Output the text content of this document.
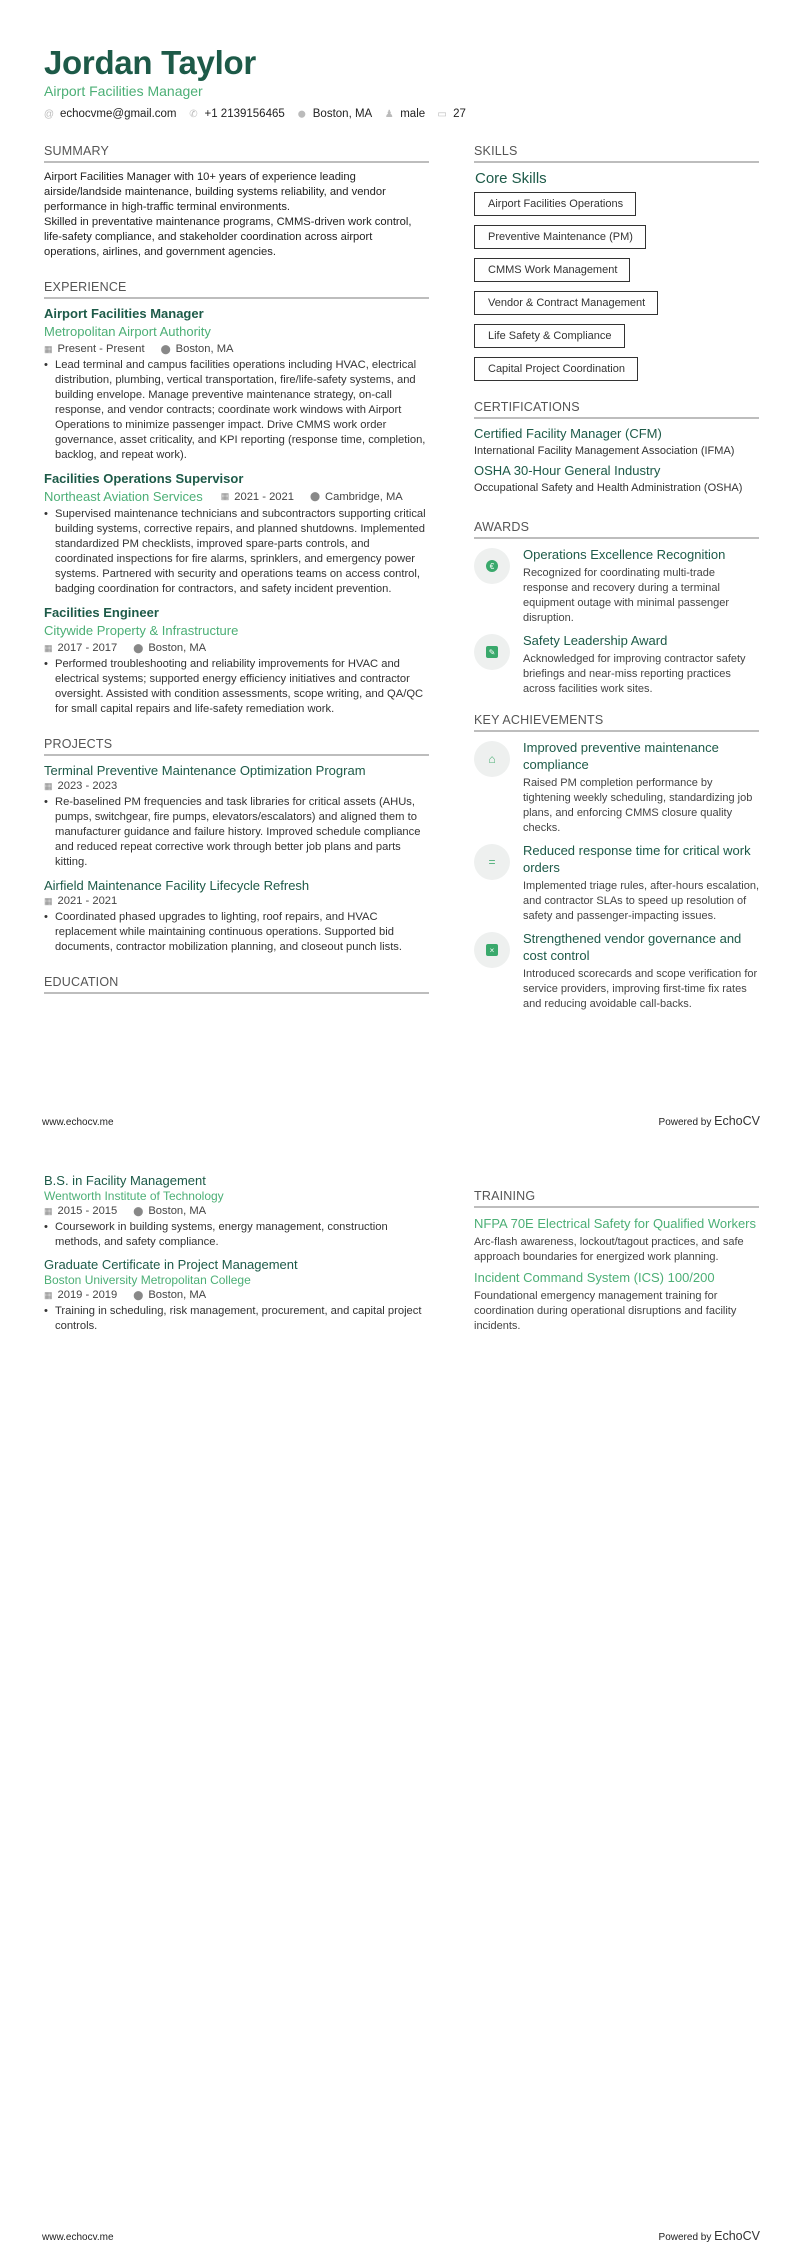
Jordan Taylor
Airport Facilities Manager
@ echocvme@gmail.com ✆ +1 2139156465 ⬤ Boston, MA ♟ male ▭ 27
SUMMARY

Airport Facilities Manager with 10+ years of experience leading airside/landside maintenance, building systems reliability, and vendor performance in high-traffic terminal environments.

Skilled in preventative maintenance programs, CMMS-driven work control, life-safety compliance, and stakeholder coordination across airport operations, airlines, and government agencies.

EXPERIENCE
Airport Facilities Manager
Metropolitan Airport Authority
▦ Present - Present ⬤ Boston, MA
• Lead terminal and campus facilities operations including HVAC, electrical distribution, plumbing, vertical transportation, fire/life-safety systems, and building envelope. Manage preventive maintenance strategy, on-call response, and vendor contracts; coordinate work windows with Airport Operations to minimize passenger impact. Drive CMMS work order governance, asset criticality, and KPI reporting (response time, completion, backlog, and repeat work).
Facilities Operations Supervisor
Northeast Aviation Services ▦ 2021 - 2021 ⬤ Cambridge, MA
• Supervised maintenance technicians and subcontractors supporting critical building systems, corrective repairs, and planned shutdowns. Implemented standardized PM checklists, improved spare-parts controls, and coordinated inspections for fire alarms, sprinklers, and emergency power systems. Partnered with security and operations teams on access control, badging coordination for contractors, and safety incident prevention.
Facilities Engineer
Citywide Property & Infrastructure
▦ 2017 - 2017 ⬤ Boston, MA
• Performed troubleshooting and reliability improvements for HVAC and electrical systems; supported energy efficiency initiatives and contractor oversight. Assisted with condition assessments, scope writing, and QA/QC for small capital repairs and life-safety remediation work.
PROJECTS
Terminal Preventive Maintenance Optimization Program
▦ 2023 - 2023
• Re-baselined PM frequencies and task libraries for critical assets (AHUs, pumps, switchgear, fire pumps, elevators/escalators) and aligned them to manufacturer guidance and failure history. Improved schedule compliance and reduced repeat corrective work through better job plans and parts kitting.
Airfield Maintenance Facility Lifecycle Refresh
▦ 2021 - 2021
• Coordinated phased upgrades to lighting, roof repairs, and HVAC replacement while maintaining continuous operations. Supported bid documents, contractor mobilization planning, and closeout punch lists.
EDUCATION
SKILLS
Core Skills
Airport Facilities Operations
Preventive Maintenance (PM)
CMMS Work Management
Vendor & Contract Management
Life Safety & Compliance
Capital Project Coordination
CERTIFICATIONS
Certified Facility Manager (CFM)
International Facility Management Association (IFMA)
OSHA 30-Hour General Industry
Occupational Safety and Health Administration (OSHA)
AWARDS
€
Operations Excellence Recognition
Recognized for coordinating multi-trade response and recovery during a terminal equipment outage with minimal passenger disruption.
✎
Safety Leadership Award
Acknowledged for improving contractor safety briefings and near-miss reporting practices across facilities work sites.
KEY ACHIEVEMENTS
⌂
Improved preventive maintenance compliance
Raised PM completion performance by tightening weekly scheduling, standardizing job plans, and enforcing CMMS closure quality checks.
=
Reduced response time for critical work orders
Implemented triage rules, after-hours escalation, and contractor SLAs to speed up resolution of safety and passenger-impacting issues.
×
Strengthened vendor governance and cost control
Introduced scorecards and scope verification for service providers, improving first-time fix rates and reducing avoidable call-backs.
www.echocv.me	Powered by EchoCV
B.S. in Facility Management
Wentworth Institute of Technology
▦ 2015 - 2015 ⬤ Boston, MA
• Coursework in building systems, energy management, construction methods, and safety compliance.
Graduate Certificate in Project Management
Boston University Metropolitan College
▦ 2019 - 2019 ⬤ Boston, MA
• Training in scheduling, risk management, procurement, and capital project controls.
TRAINING
NFPA 70E Electrical Safety for Qualified Workers
Arc-flash awareness, lockout/tagout practices, and safe approach boundaries for energized work planning.
Incident Command System (ICS) 100/200
Foundational emergency management training for coordination during operational disruptions and facility incidents.
www.echocv.me	Powered by EchoCV
